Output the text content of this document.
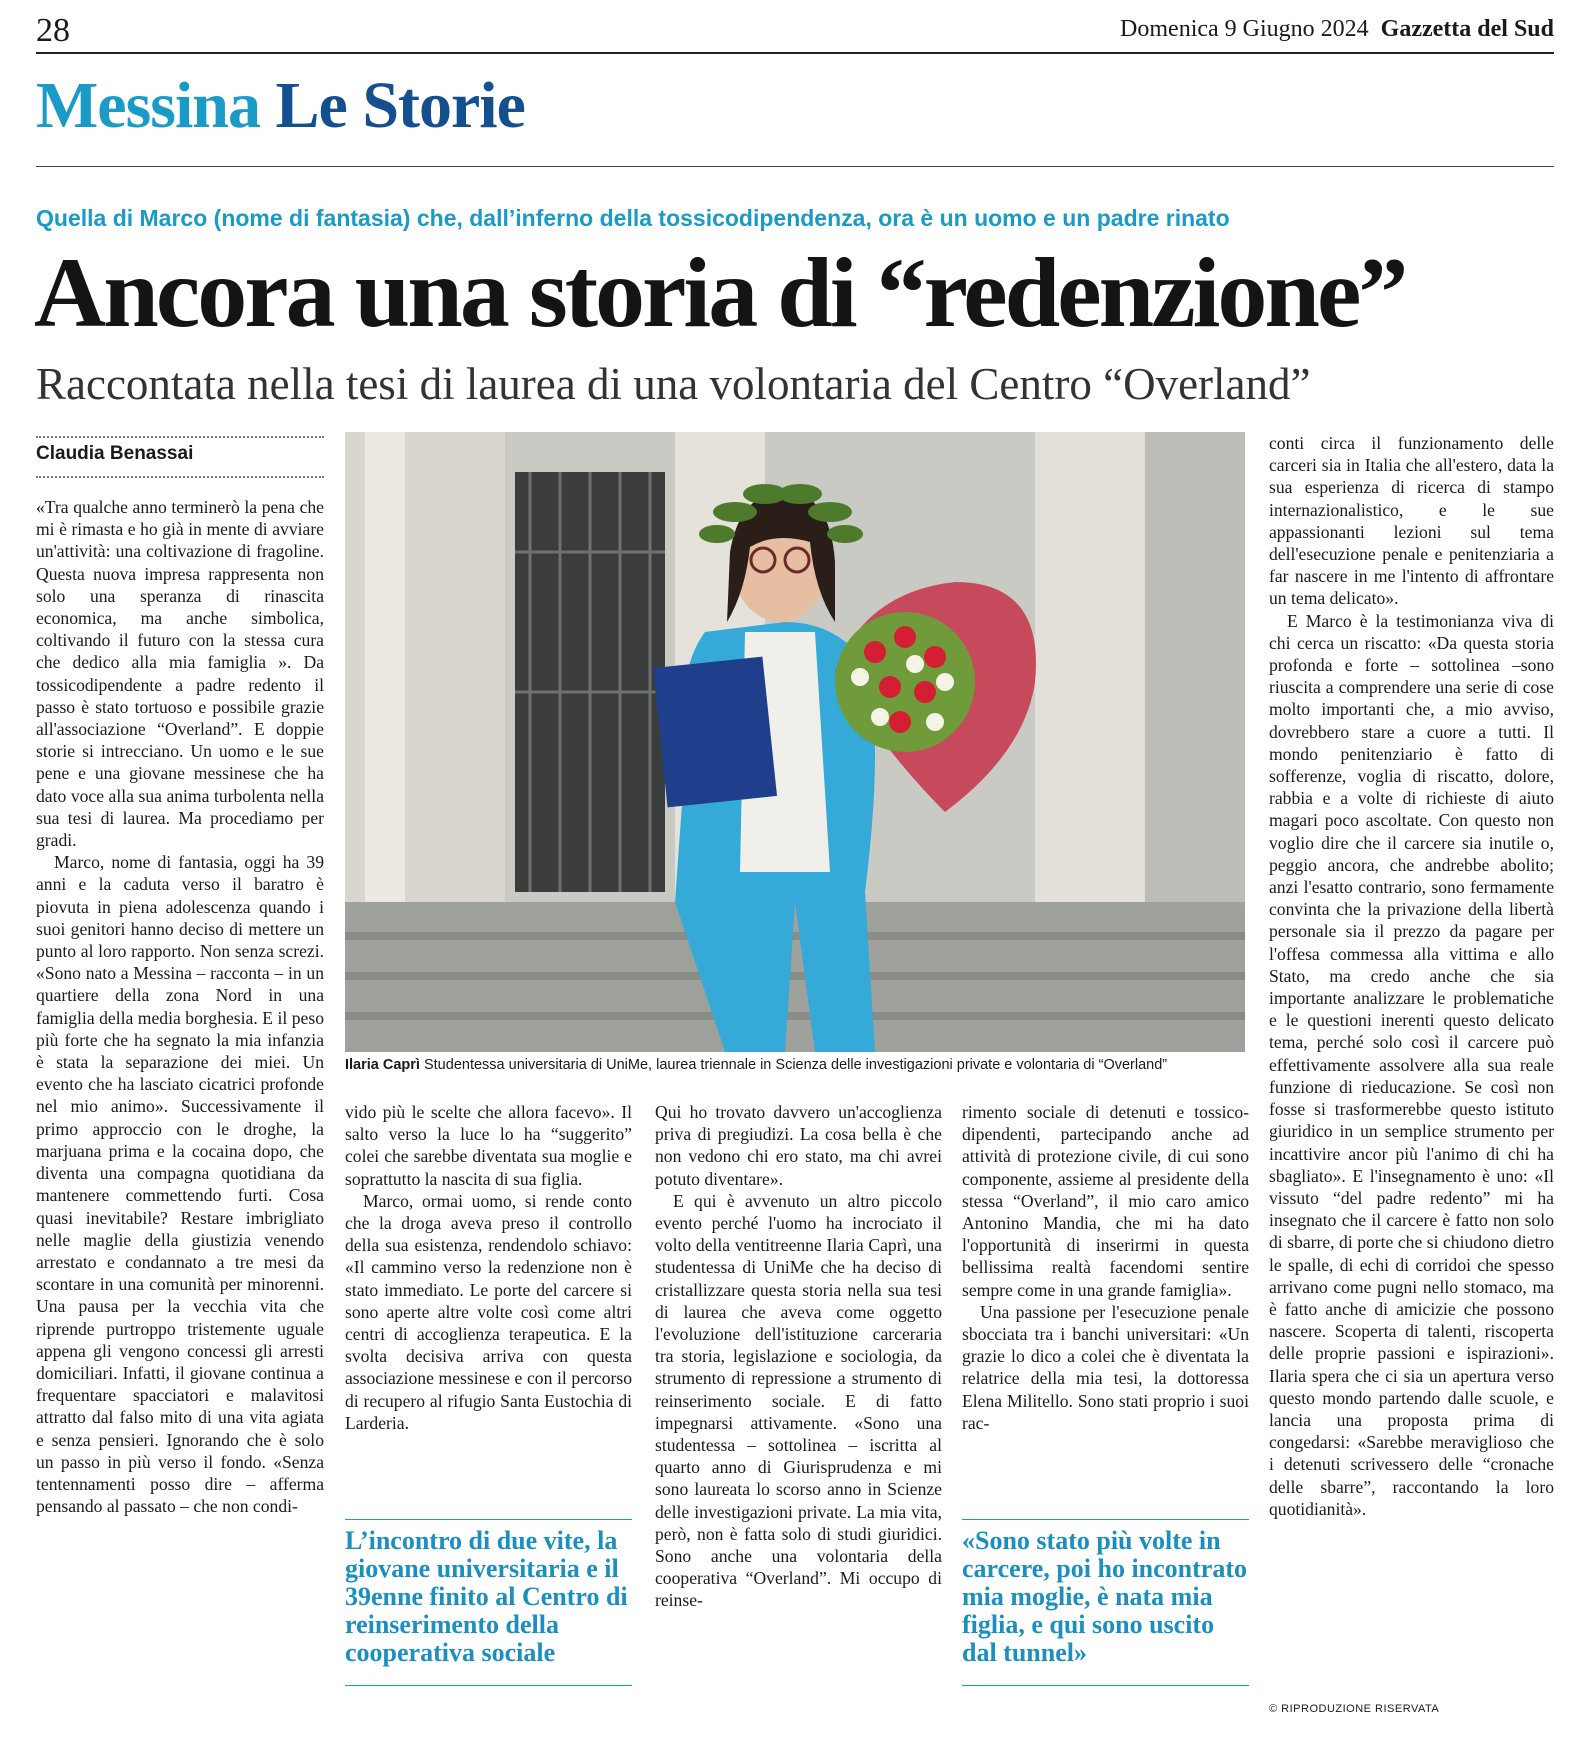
28	Domenica 9 Giugno 2024 Gazzetta del Sud
Messina Le Storie
Quella di Marco (nome di fantasia) che, dall’inferno della tossicodipendenza, ora è un uomo e un padre rinato
Ancora una storia di “redenzione”
Raccontata nella tesi di laurea di una volontaria del Centro “Overland”
Claudia Benassai

«Tra qualche anno terminerò la pena che mi è rimasta e ho già in mente di avviare un'attività: una coltivazione di fragoline. Questa nuova impresa rappresenta non solo una speranza di rinascita economica, ma anche simbolica, coltivando il futuro con la stessa cura che dedico alla mia famiglia ». Da tossicodipendente a padre redento il passo è stato tortuoso e possibile grazie all'associazione “Overland”. E doppie storie si intrecciano. Un uomo e le sue pene e una giovane messinese che ha dato voce alla sua anima turbolenta nella sua tesi di laurea. Ma procediamo per gradi.

Marco, nome di fantasia, oggi ha 39 anni e la caduta verso il baratro è piovuta in piena adolescenza quando i suoi genitori hanno deciso di mettere un punto al loro rapporto. Non senza screzi. «Sono nato a Messina – racconta – in un quartiere della zona Nord in una famiglia della media borghesia. E il peso più forte che ha segnato la mia infanzia è stata la separazione dei miei. Un evento che ha lasciato cicatrici profonde nel mio animo». Successivamente il primo approccio con le droghe, la marjuana prima e la cocaina dopo, che diventa una compagna quotidiana da mantenere commettendo furti. Cosa quasi inevitabile? Restare imbrigliato nelle maglie della giustizia venendo arrestato e condannato a tre mesi da scontare in una comunità per minorenni. Una pausa per la vecchia vita che riprende purtroppo tristemente uguale appena gli vengono concessi gli arresti domiciliari. Infatti, il giovane continua a frequentare spacciatori e malavitosi attratto dal falso mito di una vita agiata e senza pensieri. Ignorando che è solo un passo in più verso il fondo. «Senza tentennamenti posso dire – afferma pensando al passato – che non condi-

Ilaria Caprì Studentessa universitaria di UniMe, laurea triennale in Scienza delle investigazioni private e volontaria di “Overland”

vido più le scelte che allora facevo». Il salto verso la luce lo ha “suggerito” colei che sarebbe diventata sua moglie e soprattutto la nascita di sua figlia.

Marco, ormai uomo, si rende conto che la droga aveva preso il controllo della sua esistenza, rendendolo schiavo: «Il cammino verso la redenzione non è stato immediato. Le porte del carcere si sono aperte altre volte così come altri centri di accoglienza terapeutica. E la svolta decisiva arriva con questa associazione messinese e con il percorso di recupero al rifugio Santa Eustochia di Larderia.

L’incontro di due vite, la giovane universitaria e il 39enne finito al Centro di reinserimento della cooperativa sociale

Qui ho trovato davvero un'accoglienza priva di pregiudizi. La cosa bella è che non vedono chi ero stato, ma chi avrei potuto diventare».

E qui è avvenuto un altro piccolo evento perché l'uomo ha incrociato il volto della ventitreenne Ilaria Caprì, una studentessa di UniMe che ha deciso di cristallizzare questa storia nella sua tesi di laurea che aveva come oggetto l'evoluzione dell'istituzione carceraria tra storia, legislazione e sociologia, da strumento di repressione a strumento di reinserimento sociale. E di fatto impegnarsi attivamente. «Sono una studentessa – sottolinea – iscritta al quarto anno di Giurisprudenza e mi sono laureata lo scorso anno in Scienze delle investigazioni private. La mia vita, però, non è fatta solo di studi giuridici. Sono anche una volontaria della cooperativa “Overland”. Mi occupo di reinse-

rimento sociale di detenuti e tossico-dipendenti, partecipando anche ad attività di protezione civile, di cui sono componente, assieme al presidente della stessa “Overland”, il mio caro amico Antonino Mandia, che mi ha dato l'opportunità di inserirmi in questa bellissima realtà facendomi sentire sempre come in una grande famiglia».

Una passione per l'esecuzione penale sbocciata tra i banchi universitari: «Un grazie lo dico a colei che è diventata la relatrice della mia tesi, la dottoressa Elena Militello. Sono stati proprio i suoi rac-

«Sono stato più volte in carcere, poi ho incontrato mia moglie, è nata mia figlia, e qui sono uscito dal tunnel»

conti circa il funzionamento delle carceri sia in Italia che all'estero, data la sua esperienza di ricerca di stampo internazionalistico, e le sue appassionanti lezioni sul tema dell'esecuzione penale e penitenziaria a far nascere in me l'intento di affrontare un tema delicato».

E Marco è la testimonianza viva di chi cerca un riscatto: «Da questa storia profonda e forte – sottolinea –sono riuscita a comprendere una serie di cose molto importanti che, a mio avviso, dovrebbero stare a cuore a tutti. Il mondo penitenziario è fatto di sofferenze, voglia di riscatto, dolore, rabbia e a volte di richieste di aiuto magari poco ascoltate. Con questo non voglio dire che il carcere sia inutile o, peggio ancora, che andrebbe abolito; anzi l'esatto contrario, sono fermamente convinta che la privazione della libertà personale sia il prezzo da pagare per l'offesa commessa alla vittima e allo Stato, ma credo anche che sia importante analizzare le problematiche e le questioni inerenti questo delicato tema, perché solo così il carcere può effettivamente assolvere alla sua reale funzione di rieducazione. Se così non fosse si trasformerebbe questo istituto giuridico in un semplice strumento per incattivire ancor più l'animo di chi ha sbagliato». E l'insegnamento è uno: «Il vissuto “del padre redento” mi ha insegnato che il carcere è fatto non solo di sbarre, di porte che si chiudono dietro le spalle, di echi di corridoi che spesso arrivano come pugni nello stomaco, ma è fatto anche di amicizie che possono nascere. Scoperta di talenti, riscoperta delle proprie passioni e ispirazioni». Ilaria spera che ci sia un apertura verso questo mondo partendo dalle scuole, e lancia una proposta prima di congedarsi: «Sarebbe meraviglioso che i detenuti scrivessero delle “cronache delle sbarre”, raccontando la loro quotidianità».

© RIPRODUZIONE RISERVATA
